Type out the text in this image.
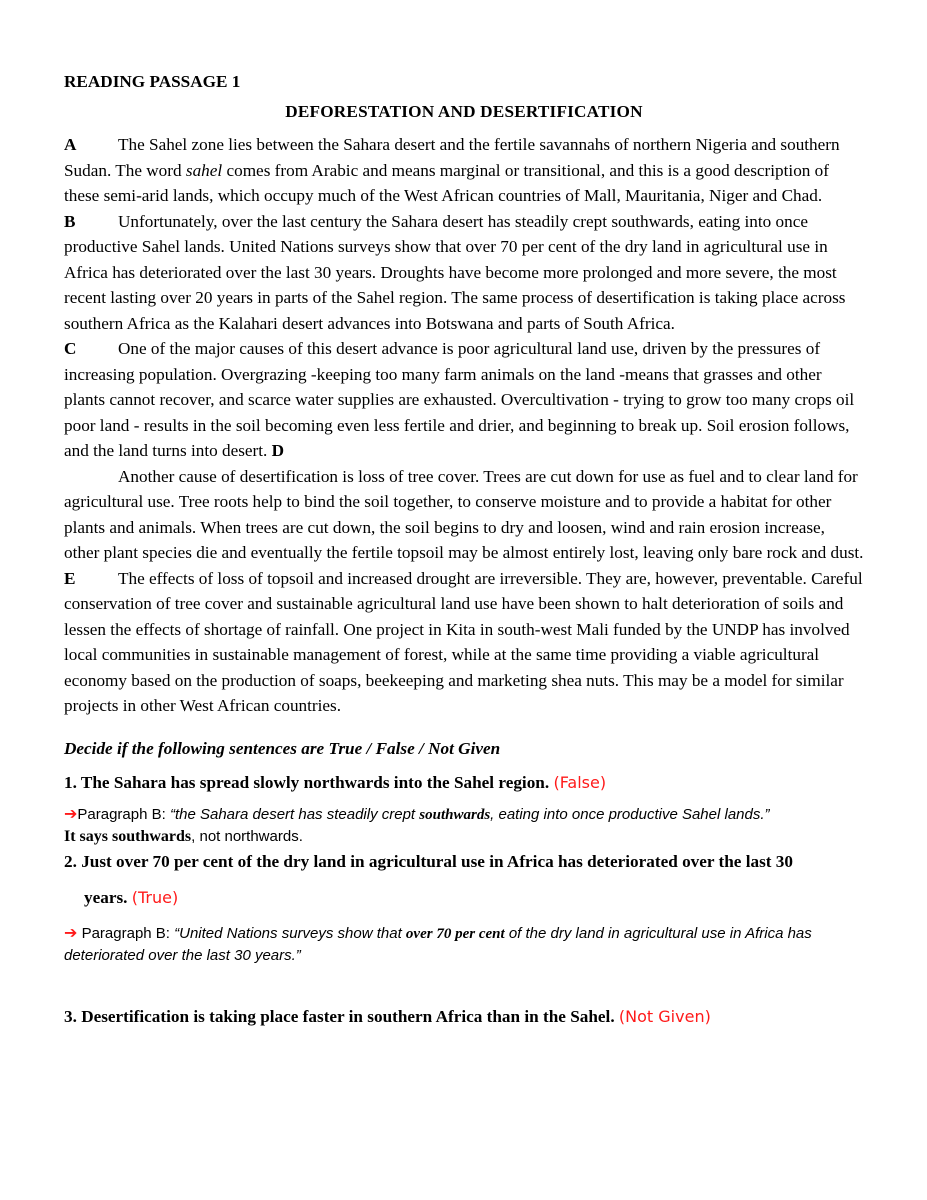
READING PASSAGE 1

DEFORESTATION AND DESERTIFICATION

A The Sahel zone lies between the Sahara desert and the fertile savannahs of northern Nigeria and southern Sudan. The word sahel comes from Arabic and means marginal or transitional, and this is a good description of these semi-arid lands, which occupy much of the West African countries of Mall, Mauritania, Niger and Chad.

B Unfortunately, over the last century the Sahara desert has steadily crept southwards, eating into once productive Sahel lands. United Nations surveys show that over 70 per cent of the dry land in agricultural use in Africa has deteriorated over the last 30 years. Droughts have become more prolonged and more severe, the most recent lasting over 20 years in parts of the Sahel region. The same process of desertification is taking place across southern Africa as the Kalahari desert advances into Botswana and parts of South Africa.

C One of the major causes of this desert advance is poor agricultural land use, driven by the pressures of increasing population. Overgrazing -keeping too many farm animals on the land -means that grasses and other plants cannot recover, and scarce water supplies are exhausted. Overcultivation - trying to grow too many crops oil poor land - results in the soil becoming even less fertile and drier, and beginning to break up. Soil erosion follows, and the land turns into desert. D
Another cause of desertification is loss of tree cover. Trees are cut down for use as fuel and to clear land for agricultural use. Tree roots help to bind the soil together, to conserve moisture and to provide a habitat for other plants and animals. When trees are cut down, the soil begins to dry and loosen, wind and rain erosion increase, other plant species die and eventually the fertile topsoil may be almost entirely lost, leaving only bare rock and dust.

E The effects of loss of topsoil and increased drought are irreversible. They are, however, preventable. Careful conservation of tree cover and sustainable agricultural land use have been shown to halt deterioration of soils and lessen the effects of shortage of rainfall. One project in Kita in south-west Mali funded by the UNDP has involved local communities in sustainable management of forest, while at the same time providing a viable agricultural economy based on the production of soaps, beekeeping and marketing shea nuts. This may be a model for similar projects in other West African countries.

Decide if the following sentences are True / False / Not Given

1. The Sahara has spread slowly northwards into the Sahel region. (False)

➔Paragraph B: “the Sahara desert has steadily crept southwards, eating into once productive Sahel lands.”
It says southwards, not northwards.

2. Just over 70 per cent of the dry land in agricultural use in Africa has deteriorated over the last 30

years. (True)

➔ Paragraph B: “United Nations surveys show that over 70 per cent of the dry land in agricultural use in Africa has deteriorated over the last 30 years.”

3. Desertification is taking place faster in southern Africa than in the Sahel. (Not Given)
